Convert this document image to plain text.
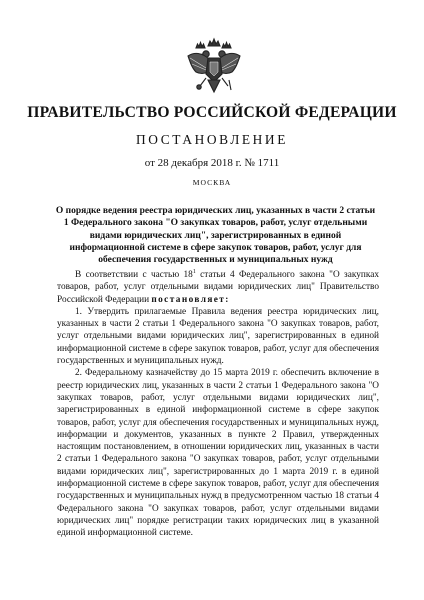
ПРАВИТЕЛЬСТВО РОССИЙСКОЙ ФЕДЕРАЦИИ
ПОСТАНОВЛЕНИЕ
от 28 декабря 2018 г. № 1711
МОСКВА
О порядке ведения реестра юридических лиц, указанных в части 2 статьи 1 Федерального закона "О закупках товаров, работ, услуг отдельными видами юридических лиц", зарегистрированных в единой информационной системе в сфере закупок товаров, работ, услуг для обеспечения государственных и муниципальных нужд

В соответствии с частью $18^1$ статьи 4 Федерального закона "О закупках товаров, работ, услуг отдельными видами юридических лиц" Правительство Российской Федерации постановляет:

1. Утвердить прилагаемые Правила ведения реестра юридических лиц, указанных в части 2 статьи 1 Федерального закона "О закупках товаров, работ, услуг отдельными видами юридических лиц", зарегистрированных в единой информационной системе в сфере закупок товаров, работ, услуг для обеспечения государственных и муниципальных нужд.

2. Федеральному казначейству до 15 марта 2019 г. обеспечить включение в реестр юридических лиц, указанных в части 2 статьи 1 Федерального закона "О закупках товаров, работ, услуг отдельными видами юридических лиц", зарегистрированных в единой информационной системе в сфере закупок товаров, работ, услуг для обеспечения государственных и муниципальных нужд, информации и документов, указанных в пункте 2 Правил, утвержденных настоящим постановлением, в отношении юридических лиц, указанных в части 2 статьи 1 Федерального закона "О закупках товаров, работ, услуг отдельными видами юридических лиц", зарегистрированных до 1 марта 2019 г. в единой информационной системе в сфере закупок товаров, работ, услуг для обеспечения государственных и муниципальных нужд в предусмотренном частью 18 статьи 4 Федерального закона "О закупках товаров, работ, услуг отдельными видами юридических лиц" порядке регистрации таких юридических лиц в указанной единой информационной системе.
